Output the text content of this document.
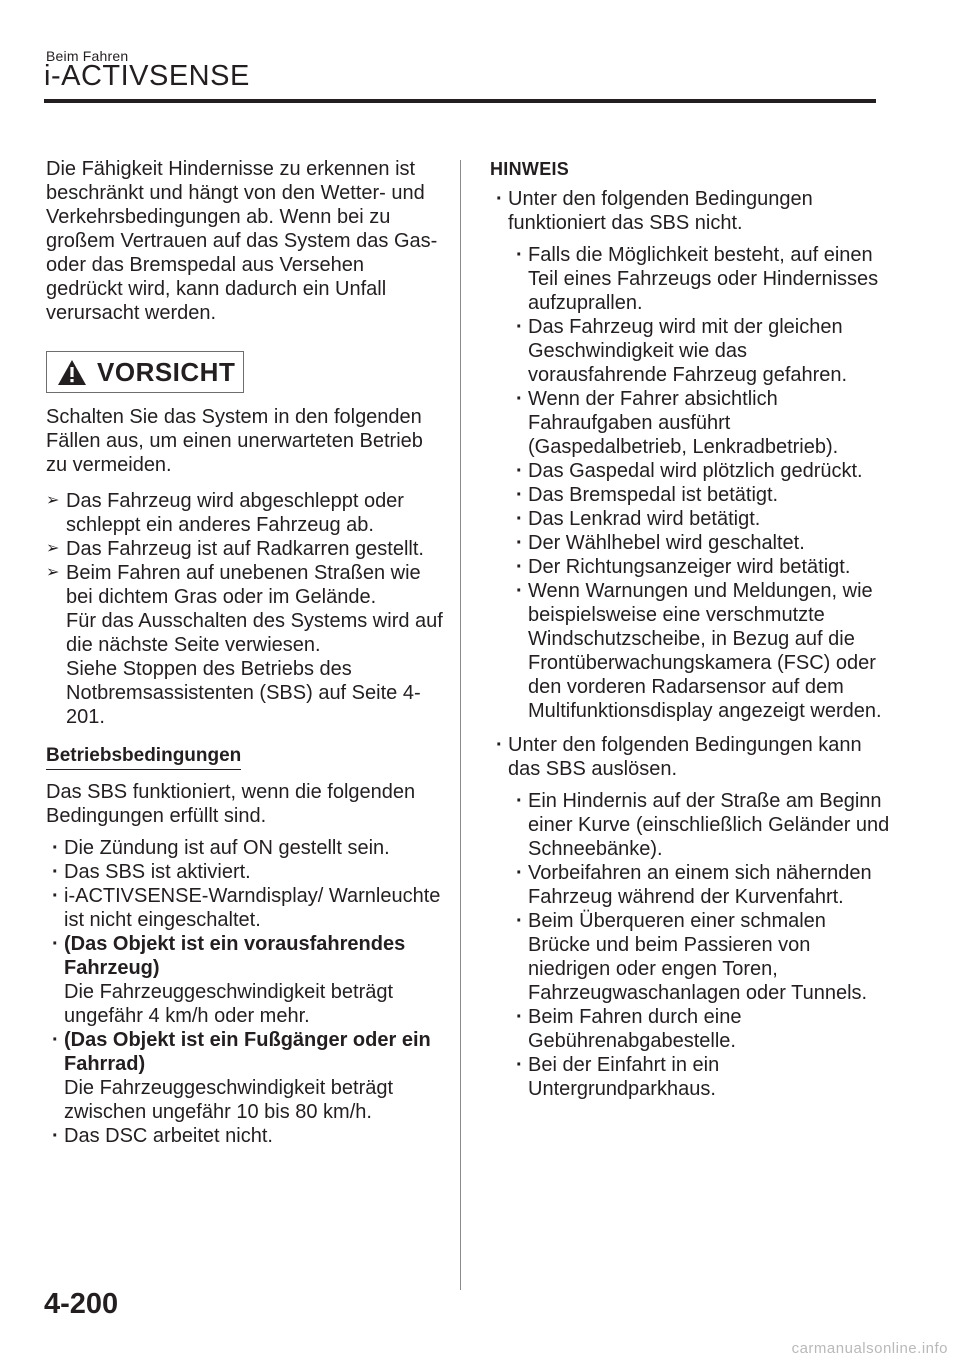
Beim Fahren
i-ACTIVSENSE

Die Fähigkeit Hindernisse zu erkennen ist beschränkt und hängt von den Wetter- und Verkehrsbedingungen ab. Wenn bei zu großem Vertrauen auf das System das Gas- oder das Bremspedal aus Versehen gedrückt wird, kann dadurch ein Unfall verursacht werden.

VORSICHT

Schalten Sie das System in den folgenden Fällen aus, um einen unerwarteten Betrieb zu vermeiden.

➢ Das Fahrzeug wird abgeschleppt oder schleppt ein anderes Fahrzeug ab.
➢ Das Fahrzeug ist auf Radkarren gestellt.
➢ Beim Fahren auf unebenen Straßen wie bei dichtem Gras oder im Gelände.
Für das Ausschalten des Systems wird auf die nächste Seite verwiesen.
Siehe Stoppen des Betriebs des Notbremsassistenten (SBS) auf Seite 4-201.
Betriebsbedingungen

Das SBS funktioniert, wenn die folgenden Bedingungen erfüllt sind.

· Die Zündung ist auf ON gestellt sein.
· Das SBS ist aktiviert.
· i-ACTIVSENSE-Warndisplay/ Warnleuchte ist nicht eingeschaltet.
· (Das Objekt ist ein vorausfahrendes Fahrzeug)
Die Fahrzeuggeschwindigkeit beträgt ungefähr 4 km/h oder mehr.
· (Das Objekt ist ein Fußgänger oder ein Fahrrad)
Die Fahrzeuggeschwindigkeit beträgt zwischen ungefähr 10 bis 80 km/h.
· Das DSC arbeitet nicht.
HINWEIS
· Unter den folgenden Bedingungen funktioniert das SBS nicht.
· Falls die Möglichkeit besteht, auf einen Teil eines Fahrzeugs oder Hindernisses aufzuprallen.
· Das Fahrzeug wird mit der gleichen Geschwindigkeit wie das vorausfahrende Fahrzeug gefahren.
· Wenn der Fahrer absichtlich Fahraufgaben ausführt (Gaspedalbetrieb, Lenkradbetrieb).
· Das Gaspedal wird plötzlich gedrückt.
· Das Bremspedal ist betätigt.
· Das Lenkrad wird betätigt.
· Der Wählhebel wird geschaltet.
· Der Richtungsanzeiger wird betätigt.
· Wenn Warnungen und Meldungen, wie beispielsweise eine verschmutzte Windschutzscheibe, in Bezug auf die Frontüberwachungskamera (FSC) oder den vorderen Radarsensor auf dem Multifunktionsdisplay angezeigt werden.
· Unter den folgenden Bedingungen kann das SBS auslösen.
· Ein Hindernis auf der Straße am Beginn einer Kurve (einschließlich Geländer und Schneebänke).
· Vorbeifahren an einem sich nähernden Fahrzeug während der Kurvenfahrt.
· Beim Überqueren einer schmalen Brücke und beim Passieren von niedrigen oder engen Toren, Fahrzeugwaschanlagen oder Tunnels.
· Beim Fahren durch eine Gebührenabgabestelle.
· Bei der Einfahrt in ein Untergrundparkhaus.
4-200
carmanualsonline.info
